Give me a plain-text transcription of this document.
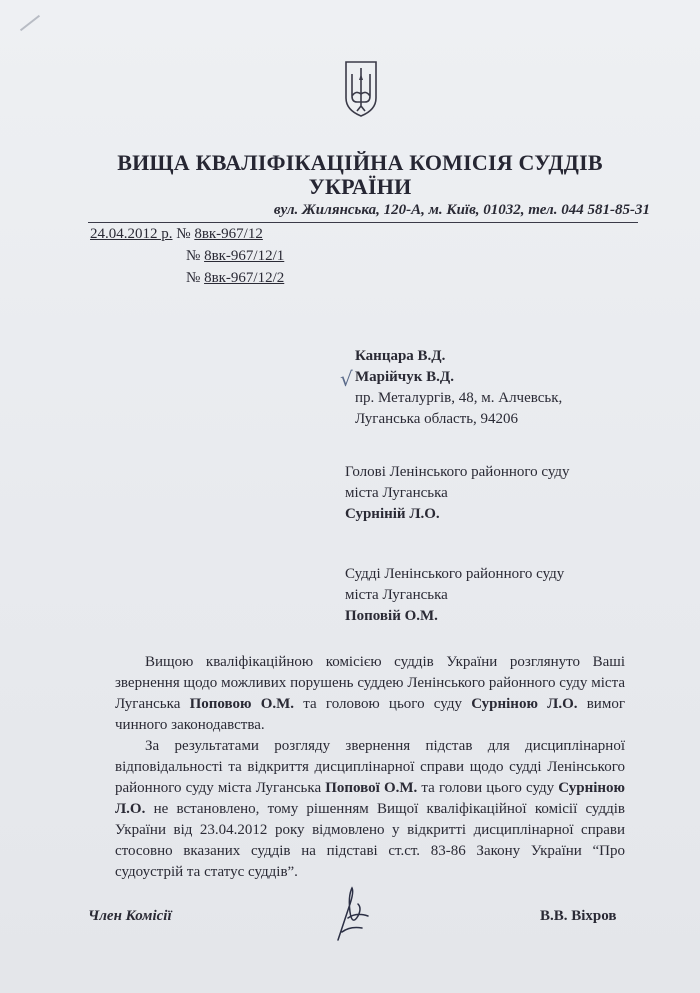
ВИЩА КВАЛІФІКАЦІЙНА КОМІСІЯ СУДДІВ
УКРАЇНИ
вул. Жилянська, 120-А, м. Київ, 01032, тел. 044 581-85-31
24.04.2012 р. № 8вк-967/12
№ 8вк-967/12/1
№ 8вк-967/12/2
√
Канцара В.Д.
Марійчук В.Д.
пр. Металургів, 48, м. Алчевськ,
Луганська область, 94206
Голові Ленінського районного суду
міста Луганська
Сурніній Л.О.
Судді Ленінського районного суду
міста Луганська
Поповій О.М.

Вищою кваліфікаційною комісією суддів України розглянуто Ваші звернення щодо можливих порушень суддею Ленінського районного суду міста Луганська Поповою О.М. та головою цього суду Сурніною Л.О. вимог чинного законодавства.

За результатами розгляду звернення підстав для дисциплінарної відповідальності та відкриття дисциплінарної справи щодо судді Ленінського районного суду міста Луганська Попової О.М. та голови цього суду Сурніною Л.О. не встановлено, тому рішенням Вищої кваліфікаційної комісії суддів України від 23.04.2012 року відмовлено у відкритті дисциплінарної справи стосовно вказаних суддів на підставі ст.ст. 83-86 Закону України “Про судоустрій та статус суддів”.

Член Комісії	В.В. Віхров
